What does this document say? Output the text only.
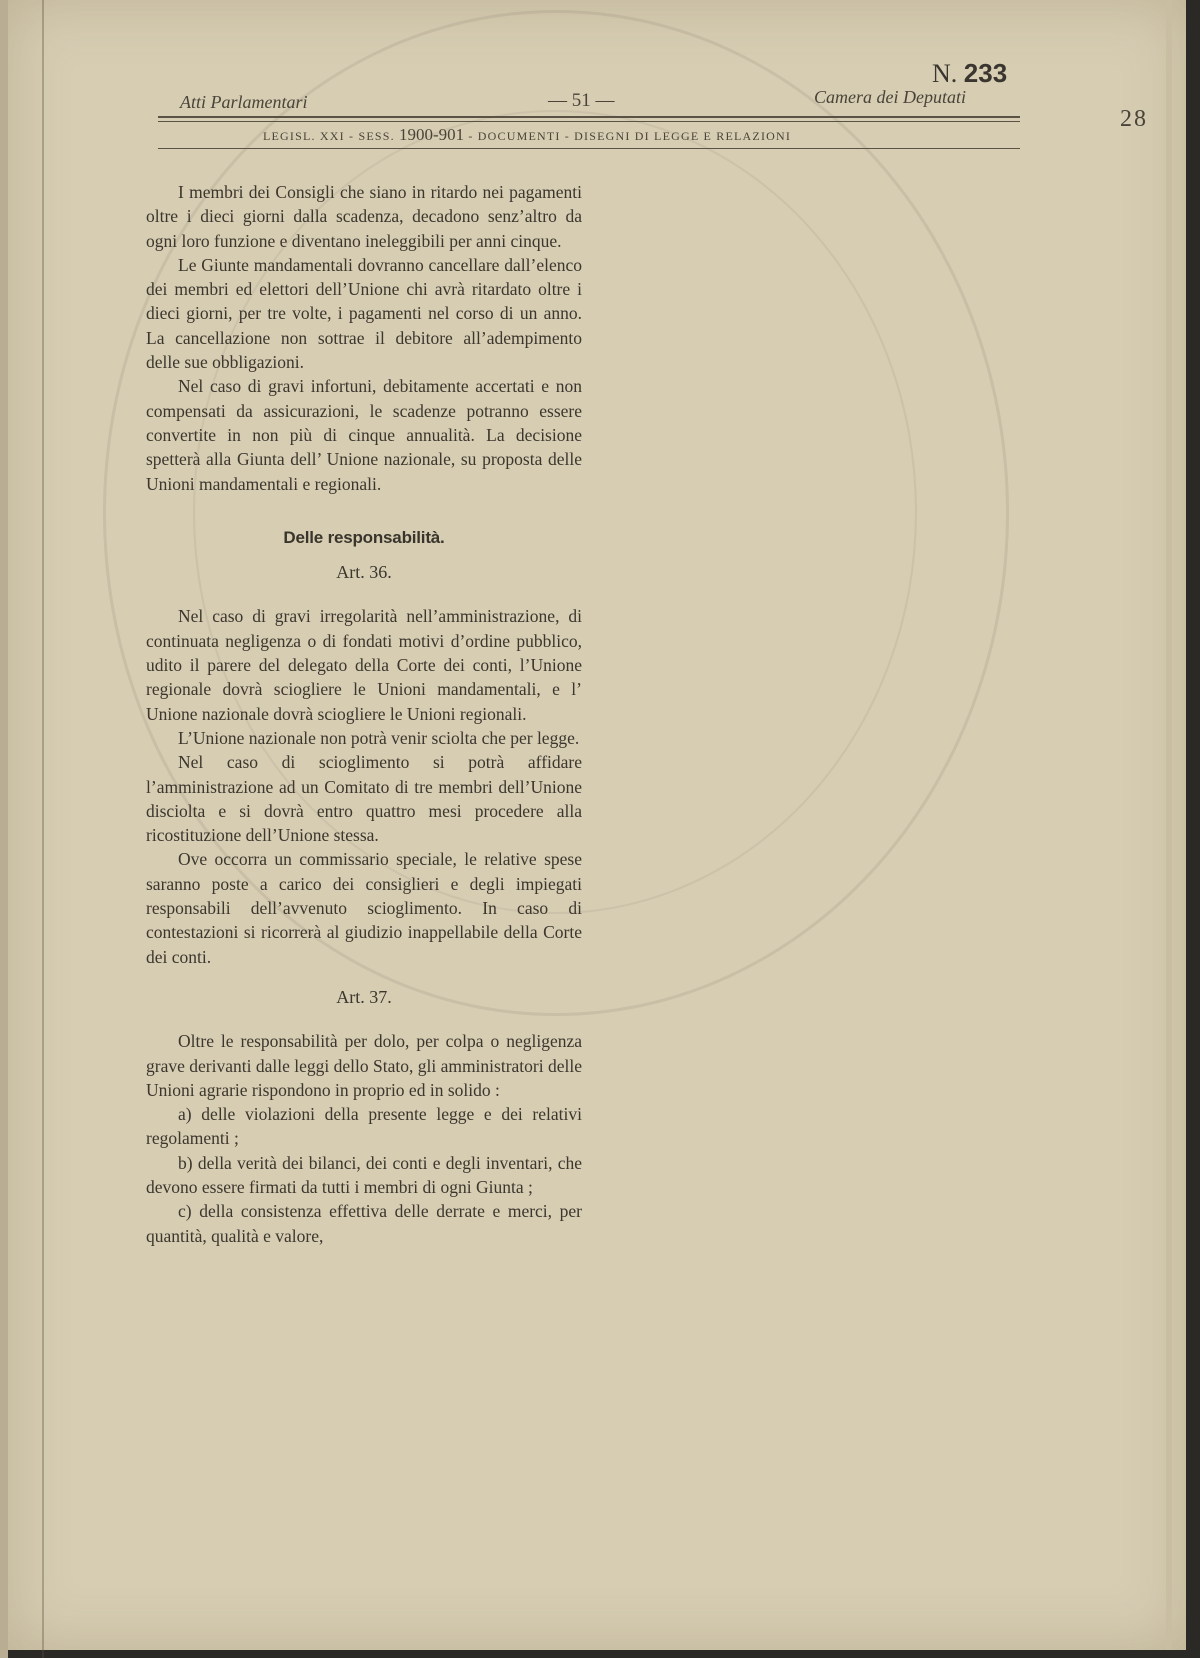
N. 233
28
Atti Parlamentari	— 51 —	Camera dei Deputati
LEGISL. XXI - SESS. 1900-901 - DOCUMENTI - DISEGNI DI LEGGE E RELAZIONI

I membri dei Consigli che siano in ritardo nei pagamenti oltre i dieci giorni dalla scadenza, decadono senz’altro da ogni loro funzione e diventano ineleggibili per anni cinque.

Le Giunte mandamentali dovranno cancellare dall’elenco dei membri ed elettori dell’Unione chi avrà ritardato oltre i dieci giorni, per tre volte, i pagamenti nel corso di un anno. La cancellazione non sottrae il debitore all’adempimento delle sue obbligazioni.

Nel caso di gravi infortuni, debitamente accertati e non compensati da assicurazioni, le scadenze potranno essere convertite in non più di cinque annualità. La decisione spetterà alla Giunta dell’ Unione nazionale, su proposta delle Unioni mandamentali e regionali.

Delle responsabilità.
Art. 36.

Nel caso di gravi irregolarità nell’amministrazione, di continuata negligenza o di fondati motivi d’ordine pubblico, udito il parere del delegato della Corte dei conti, l’Unione regionale dovrà sciogliere le Unioni mandamentali, e l’ Unione nazionale dovrà sciogliere le Unioni regionali.

L’Unione nazionale non potrà venir sciolta che per legge.

Nel caso di scioglimento si potrà affidare l’amministrazione ad un Comitato di tre membri dell’Unione disciolta e si dovrà entro quattro mesi procedere alla ricostituzione dell’Unione stessa.

Ove occorra un commissario speciale, le relative spese saranno poste a carico dei consiglieri e degli impiegati responsabili dell’avvenuto scioglimento. In caso di contestazioni si ricorrerà al giudizio inappellabile della Corte dei conti.

Art. 37.

Oltre le responsabilità per dolo, per colpa o negligenza grave derivanti dalle leggi dello Stato, gli amministratori delle Unioni agrarie rispondono in proprio ed in solido :

a) delle violazioni della presente legge e dei relativi regolamenti ;

b) della verità dei bilanci, dei conti e degli inventari, che devono essere firmati da tutti i membri di ogni Giunta ;

c) della consistenza effettiva delle derrate e merci, per quantità, qualità e valore,
